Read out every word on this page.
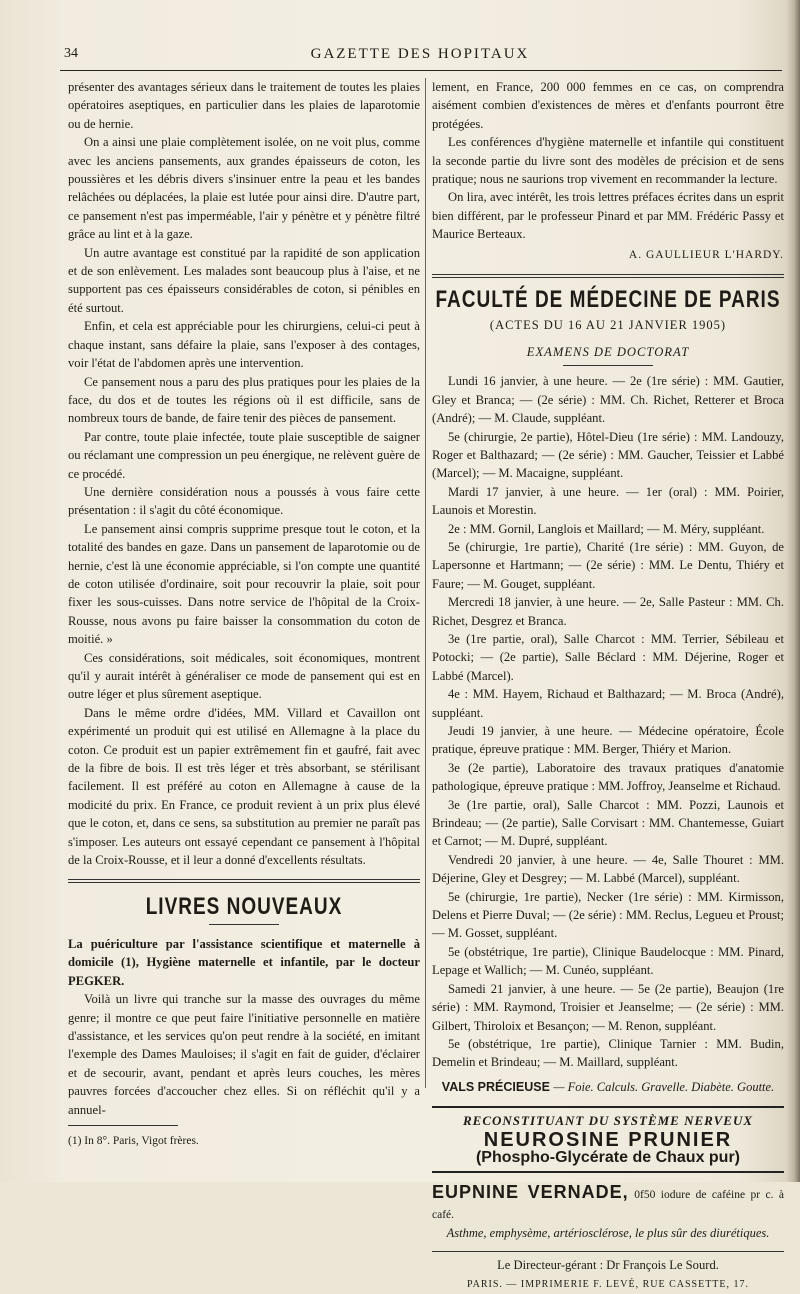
34	GAZETTE DES HOPITAUX

présenter des avantages sérieux dans le traitement de toutes les plaies opératoires aseptiques, en particulier dans les plaies de laparotomie ou de hernie.

On a ainsi une plaie complètement isolée, on ne voit plus, comme avec les anciens pansements, aux grandes épaisseurs de coton, les poussières et les débris divers s'insinuer entre la peau et les bandes relâchées ou déplacées, la plaie est lutée pour ainsi dire. D'autre part, ce pansement n'est pas imperméable, l'air y pénètre et y pénètre filtré grâce au lint et à la gaze.

Un autre avantage est constitué par la rapidité de son application et de son enlèvement. Les malades sont beaucoup plus à l'aise, et ne supportent pas ces épaisseurs considérables de coton, si pénibles en été surtout.

Enfin, et cela est appréciable pour les chirurgiens, celui-ci peut à chaque instant, sans défaire la plaie, sans l'exposer à des contages, voir l'état de l'abdomen après une intervention.

Ce pansement nous a paru des plus pratiques pour les plaies de la face, du dos et de toutes les régions où il est difficile, sans de nombreux tours de bande, de faire tenir des pièces de pansement.

Par contre, toute plaie infectée, toute plaie susceptible de saigner ou réclamant une compression un peu énergique, ne relèvent guère de ce procédé.

Une dernière considération nous a poussés à vous faire cette présentation : il s'agit du côté économique.

Le pansement ainsi compris supprime presque tout le coton, et la totalité des bandes en gaze. Dans un pansement de laparotomie ou de hernie, c'est là une économie appréciable, si l'on compte une quantité de coton utilisée d'ordinaire, soit pour recouvrir la plaie, soit pour fixer les sous-cuisses. Dans notre service de l'hôpital de la Croix-Rousse, nous avons pu faire baisser la consommation du coton de moitié. »

Ces considérations, soit médicales, soit économiques, montrent qu'il y aurait intérêt à généraliser ce mode de pansement qui est en outre léger et plus sûrement aseptique.

Dans le même ordre d'idées, MM. Villard et Cavaillon ont expérimenté un produit qui est utilisé en Allemagne à la place du coton. Ce produit est un papier extrêmement fin et gaufré, fait avec de la fibre de bois. Il est très léger et très absorbant, se stérilisant facilement. Il est préféré au coton en Allemagne à cause de la modicité du prix. En France, ce produit revient à un prix plus élevé que le coton, et, dans ce sens, sa substitution au premier ne paraît pas s'imposer. Les auteurs ont essayé cependant ce pansement à l'hôpital de la Croix-Rousse, et il leur a donné d'excellents résultats.

LIVRES NOUVEAUX

La puériculture par l'assistance scientifique et maternelle à domicile (1), Hygiène maternelle et infantile, par le docteur PEGKER.

Voilà un livre qui tranche sur la masse des ouvrages du même genre; il montre ce que peut faire l'initiative personnelle en matière d'assistance, et les services qu'on peut rendre à la société, en imitant l'exemple des Dames Mauloises; il s'agit en fait de guider, d'éclairer et de secourir, avant, pendant et après leurs couches, les mères pauvres forcées d'accoucher chez elles. Si on réfléchit qu'il y a annuel-

(1) In 8°. Paris, Vigot frères.

lement, en France, 200 000 femmes en ce cas, on comprendra aisément combien d'existences de mères et d'enfants pourront être protégées.

Les conférences d'hygiène maternelle et infantile qui constituent la seconde partie du livre sont des modèles de précision et de sens pratique; nous ne saurions trop vivement en recommander la lecture.

On lira, avec intérêt, les trois lettres préfaces écrites dans un esprit bien différent, par le professeur Pinard et par MM. Frédéric Passy et Maurice Berteaux.

A. GAULLIEUR L'HARDY.
FACULTÉ DE MÉDECINE DE PARIS
(ACTES DU 16 AU 21 JANVIER 1905)
EXAMENS DE DOCTORAT

Lundi 16 janvier, à une heure. — 2e (1re série) : MM. Gautier, Gley et Branca; — (2e série) : MM. Ch. Richet, Retterer et Broca (André); — M. Claude, suppléant.

5e (chirurgie, 2e partie), Hôtel-Dieu (1re série) : MM. Landouzy, Roger et Balthazard; — (2e série) : MM. Gaucher, Teissier et Labbé (Marcel); — M. Macaigne, suppléant.

Mardi 17 janvier, à une heure. — 1er (oral) : MM. Poirier, Launois et Morestin.

2e : MM. Gornil, Langlois et Maillard; — M. Méry, suppléant.

5e (chirurgie, 1re partie), Charité (1re série) : MM. Guyon, de Lapersonne et Hartmann; — (2e série) : MM. Le Dentu, Thiéry et Faure; — M. Gouget, suppléant.

Mercredi 18 janvier, à une heure. — 2e, Salle Pasteur : MM. Ch. Richet, Desgrez et Branca.

3e (1re partie, oral), Salle Charcot : MM. Terrier, Sébileau et Potocki; — (2e partie), Salle Béclard : MM. Déjerine, Roger et Labbé (Marcel).

4e : MM. Hayem, Richaud et Balthazard; — M. Broca (André), suppléant.

Jeudi 19 janvier, à une heure. — Médecine opératoire, École pratique, épreuve pratique : MM. Berger, Thiéry et Marion.

3e (2e partie), Laboratoire des travaux pratiques d'anatomie pathologique, épreuve pratique : MM. Joffroy, Jeanselme et Richaud.

3e (1re partie, oral), Salle Charcot : MM. Pozzi, Launois et Brindeau; — (2e partie), Salle Corvisart : MM. Chantemesse, Guiart et Carnot; — M. Dupré, suppléant.

Vendredi 20 janvier, à une heure. — 4e, Salle Thouret : MM. Déjerine, Gley et Desgrey; — M. Labbé (Marcel), suppléant.

5e (chirurgie, 1re partie), Necker (1re série) : MM. Kirmisson, Delens et Pierre Duval; — (2e série) : MM. Reclus, Legueu et Proust; — M. Gosset, suppléant.

5e (obstétrique, 1re partie), Clinique Baudelocque : MM. Pinard, Lepage et Wallich; — M. Cunéo, suppléant.

Samedi 21 janvier, à une heure. — 5e (2e partie), Beaujon (1re série) : MM. Raymond, Troisier et Jeanselme; — (2e série) : MM. Gilbert, Thiroloix et Besançon; — M. Renon, suppléant.

5e (obstétrique, 1re partie), Clinique Tarnier : MM. Budin, Demelin et Brindeau; — M. Maillard, suppléant.

VALS PRÉCIEUSE — Foie. Calculs. Gravelle. Diabète. Goutte.
RECONSTITUANT DU SYSTÈME NERVEUX
NEUROSINE PRUNIER
(Phospho-Glycérate de Chaux pur)
EUPNINE VERNADE, 0f50 iodure de caféine pr c. à café.
Asthme, emphysème, artériosclérose, le plus sûr des diurétiques.
Le Directeur-gérant : Dr François Le Sourd.
PARIS. — IMPRIMERIE F. LEVÉ, RUE CASSETTE, 17.
